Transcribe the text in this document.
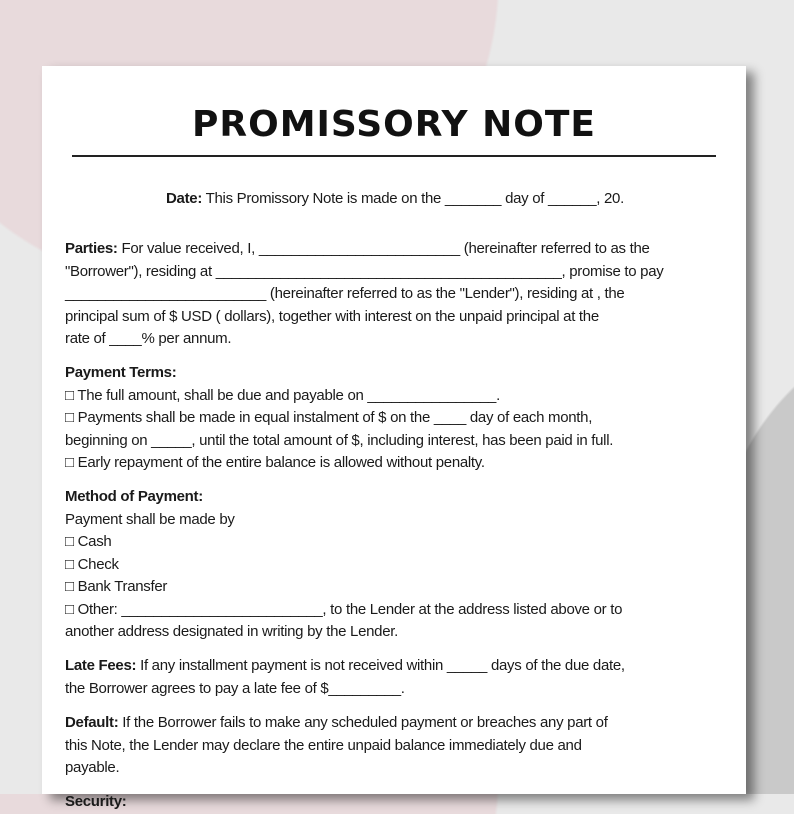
PROMISSORY NOTE
Date: This Promissory Note is made on the _______ day of ______, 20.
Parties: For value received, I, _________________________ (hereinafter referred to as the
"Borrower"), residing at ___________________________________________, promise to pay
_________________________ (hereinafter referred to as the "Lender"), residing at , the
principal sum of $ USD ( dollars), together with interest on the unpaid principal at the
rate of ____% per annum.
Payment Terms:
□ The full amount, shall be due and payable on ________________.
□ Payments shall be made in equal instalment of $ on the ____ day of each month,
beginning on _____, until the total amount of $, including interest, has been paid in full.
□ Early repayment of the entire balance is allowed without penalty.
Method of Payment:
Payment shall be made by
□ Cash
□ Check
□ Bank Transfer
□ Other: _________________________, to the Lender at the address listed above or to
another address designated in writing by the Lender.
Late Fees: If any installment payment is not received within _____ days of the due date,
the Borrower agrees to pay a late fee of $_________.
Default: If the Borrower fails to make any scheduled payment or breaches any part of
this Note, the Lender may declare the entire unpaid balance immediately due and
payable.
Security:
